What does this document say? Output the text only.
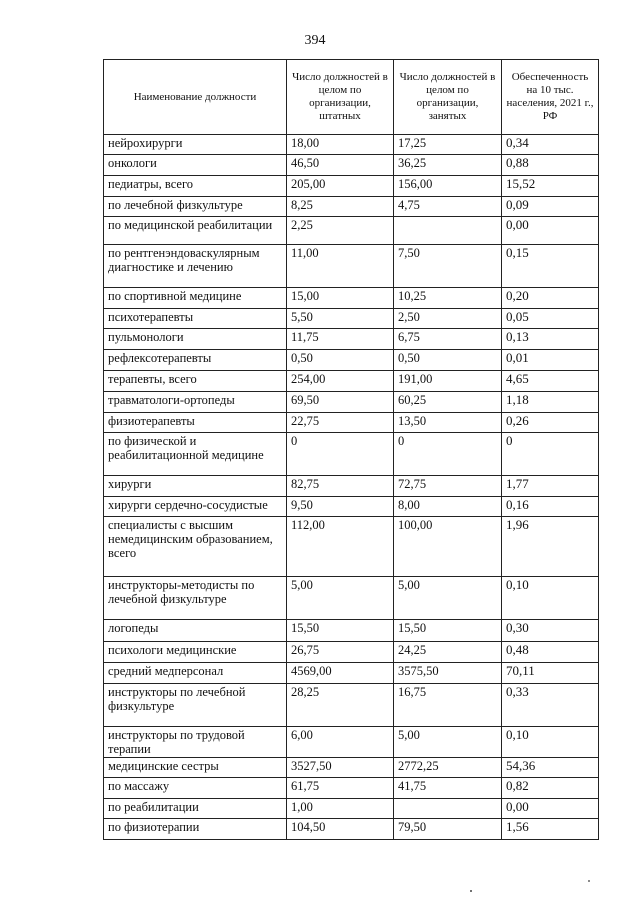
394
Наименование должности	Число должностей в целом по организации, штатных	Число должностей в целом по организации, занятых	Обеспеченность на 10 тыс. населения, 2021 г., РФ
нейрохирурги	18,00	17,25	0,34
онкологи	46,50	36,25	0,88
педиатры, всего	205,00	156,00	15,52
по лечебной физкультуре	8,25	4,75	0,09
по медицинской реабилитации	2,25		0,00
по рентгенэндоваскулярным диагностике и лечению	11,00	7,50	0,15
по спортивной медицине	15,00	10,25	0,20
психотерапевты	5,50	2,50	0,05
пульмонологи	11,75	6,75	0,13
рефлексотерапевты	0,50	0,50	0,01
терапевты, всего	254,00	191,00	4,65
травматологи-ортопеды	69,50	60,25	1,18
физиотерапевты	22,75	13,50	0,26
по физической и реабилитационной медицине	0	0	0
хирурги	82,75	72,75	1,77
хирурги сердечно-сосудистые	9,50	8,00	0,16
специалисты с высшим немедицинским образованием, всего	112,00	100,00	1,96
инструкторы-методисты по лечебной физкультуре	5,00	5,00	0,10
логопеды	15,50	15,50	0,30
психологи медицинские	26,75	24,25	0,48
средний медперсонал	4569,00	3575,50	70,11
инструкторы по лечебной физкультуре	28,25	16,75	0,33
инструкторы по трудовой терапии	6,00	5,00	0,10
медицинские сестры	3527,50	2772,25	54,36
по массажу	61,75	41,75	0,82
по реабилитации	1,00		0,00
по физиотерапии	104,50	79,50	1,56
